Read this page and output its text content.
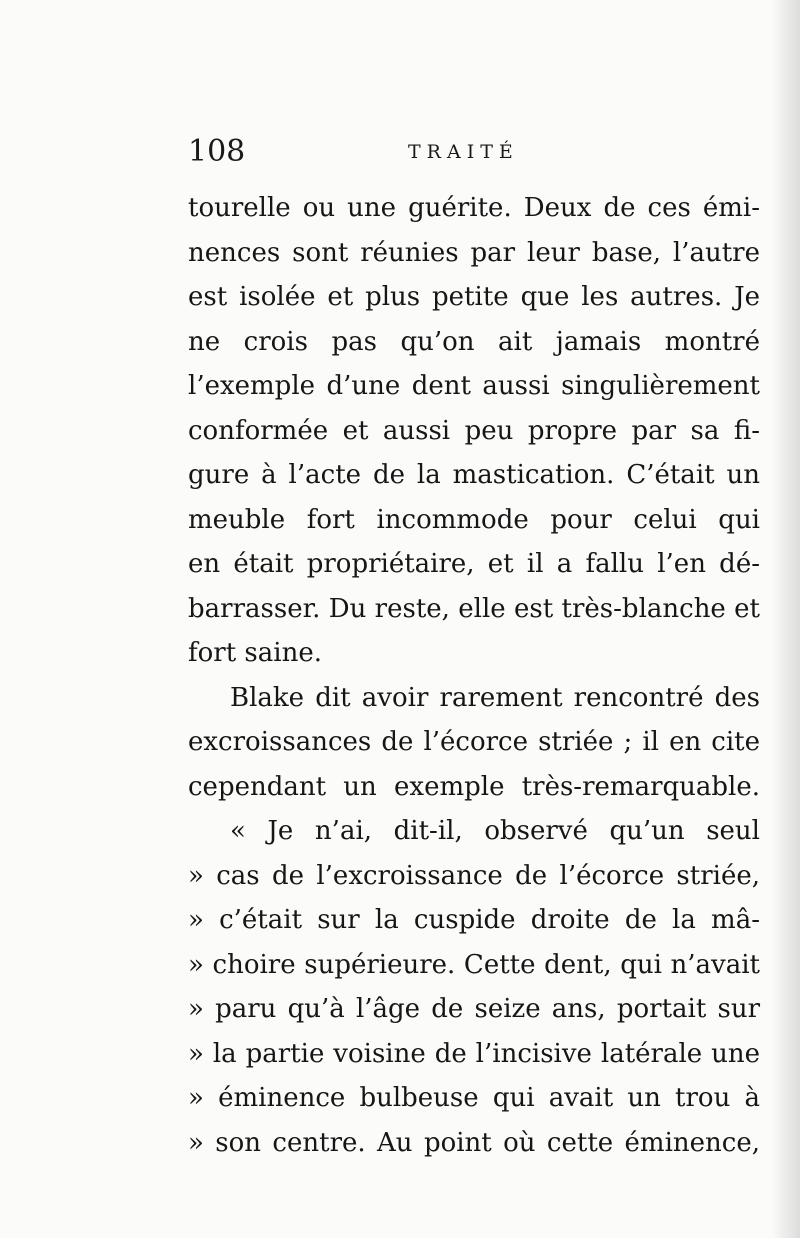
108	TRAITÉ
tourelle ou une guérite. Deux de ces émi-
nences sont réunies par leur base, l’autre
est isolée et plus petite que les autres. Je
ne crois pas qu’on ait jamais montré
l’exemple d’une dent aussi singulièrement
conformée et aussi peu propre par sa fi-
gure à l’acte de la mastication. C’était un
meuble fort incommode pour celui qui
en était propriétaire, et il a fallu l’en dé-
barrasser. Du reste, elle est très-blanche et
fort saine.
Blake dit avoir rarement rencontré des
excroissances de l’écorce striée ; il en cite
cependant un exemple très-remarquable.
« Je n’ai, dit-il, observé qu’un seul
» cas de l’excroissance de l’écorce striée,
» c’était sur la cuspide droite de la mâ-
» choire supérieure. Cette dent, qui n’avait
» paru qu’à l’âge de seize ans, portait sur
» la partie voisine de l’incisive latérale une
» éminence bulbeuse qui avait un trou à
» son centre. Au point où cette éminence,
